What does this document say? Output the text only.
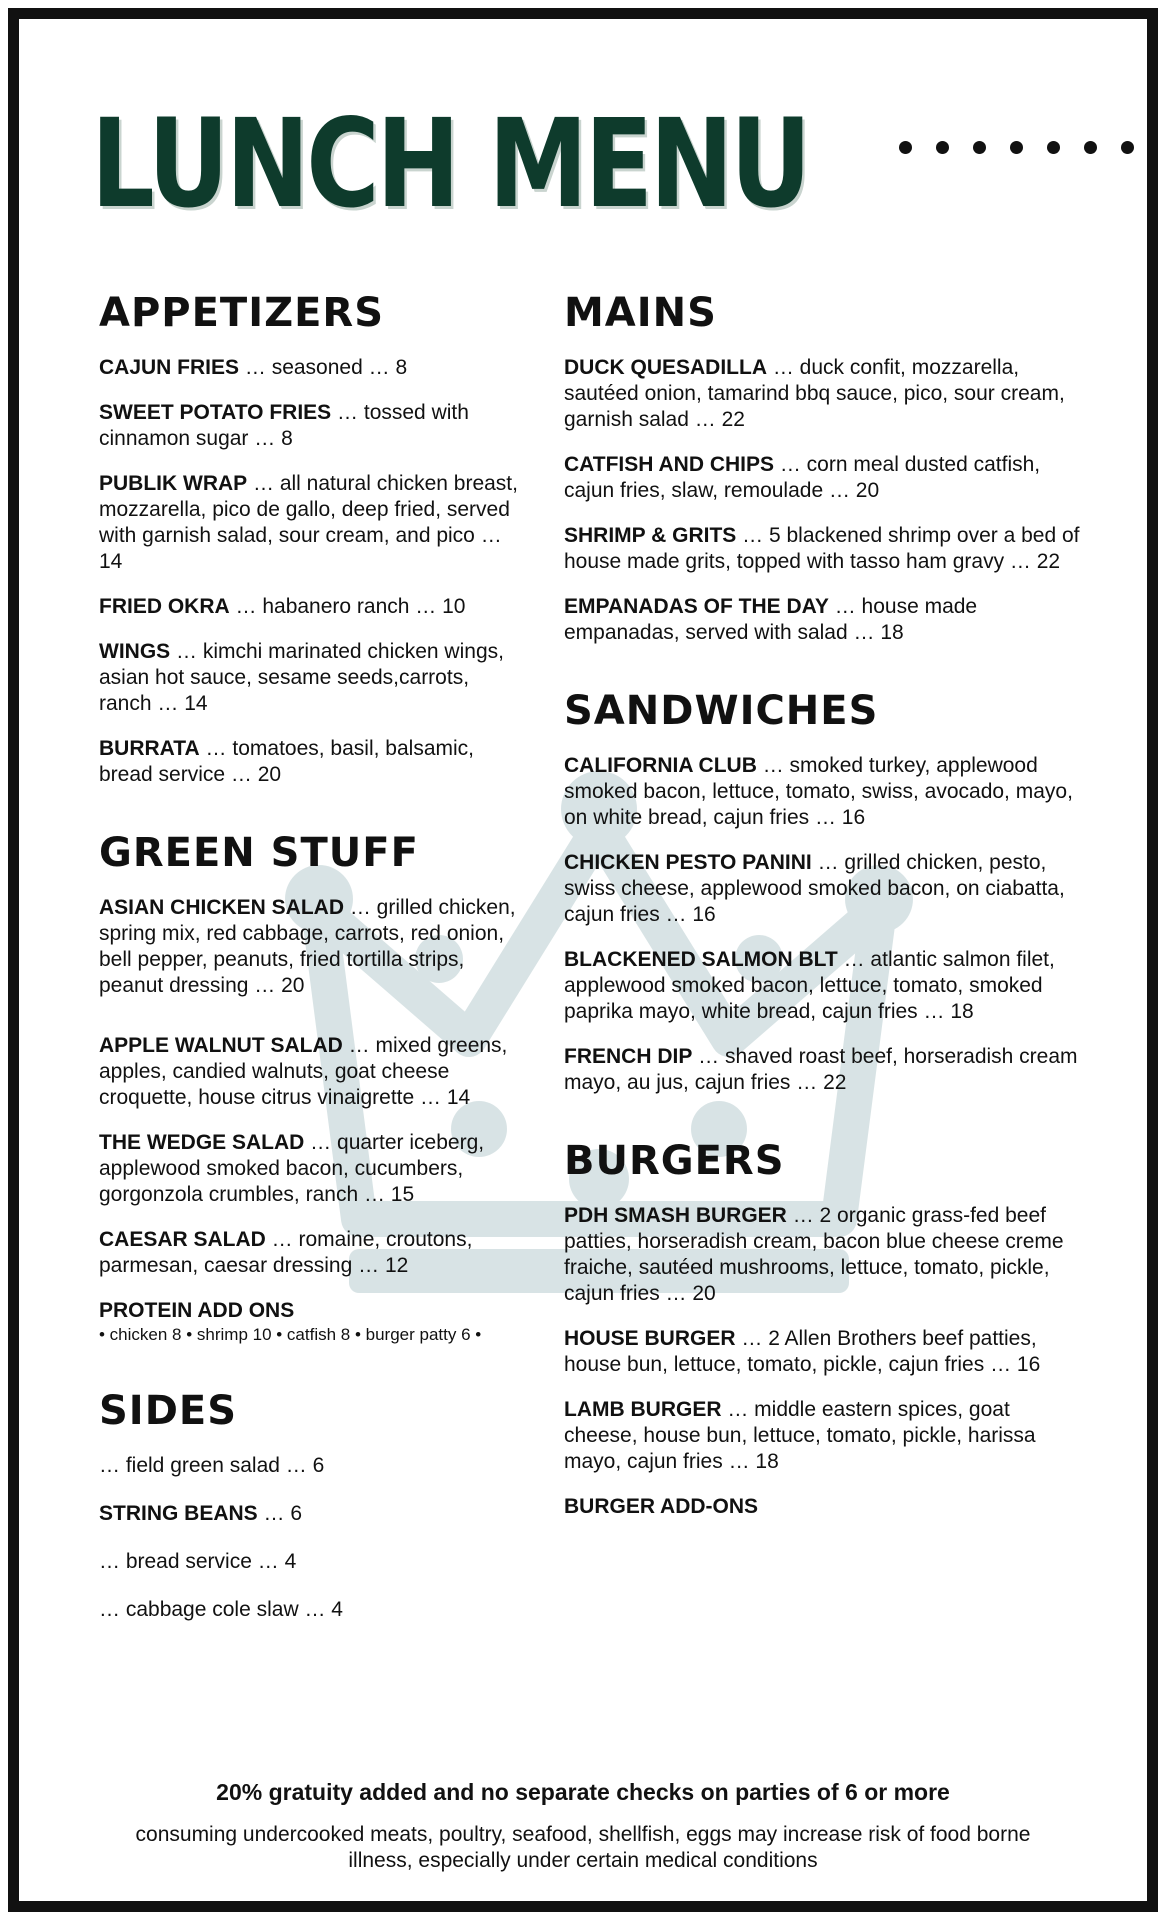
LUNCH MENU
APPETIZERS

CAJUN FRIES … seasoned … 8

SWEET POTATO FRIES … tossed with cinnamon sugar … 8

PUBLIK WRAP … all natural chicken breast, mozzarella, pico de gallo, deep fried, served with garnish salad, sour cream, and pico … 14

FRIED OKRA … habanero ranch … 10

WINGS … kimchi marinated chicken wings, asian hot sauce, sesame seeds,carrots, ranch … 14

BURRATA … tomatoes, basil, balsamic, bread service … 20

GREEN STUFF

ASIAN CHICKEN SALAD … grilled chicken, spring mix, red cabbage, carrots, red onion, bell pepper, peanuts, fried tortilla strips, peanut dressing … 20

APPLE WALNUT SALAD … mixed greens, apples, candied walnuts, goat cheese croquette, house citrus vinaigrette … 14

THE WEDGE SALAD … quarter iceberg, applewood smoked bacon, cucumbers, gorgonzola crumbles, ranch … 15

CAESAR SALAD … romaine, croutons, parmesan, caesar dressing … 12

PROTEIN ADD ONS
• chicken 8 • shrimp 10 • catfish 8 • burger patty 6 •
SIDES

… field green salad … 6

STRING BEANS … 6

… bread service … 4

… cabbage cole slaw … 4

MAINS

DUCK QUESADILLA … duck confit, mozzarella, sautéed onion, tamarind bbq sauce, pico, sour cream, garnish salad … 22

CATFISH AND CHIPS … corn meal dusted catfish, cajun fries, slaw, remoulade … 20

SHRIMP & GRITS … 5 blackened shrimp over a bed of house made grits, topped with tasso ham gravy … 22

EMPANADAS OF THE DAY … house made empanadas, served with salad … 18

SANDWICHES

CALIFORNIA CLUB … smoked turkey, applewood smoked bacon, lettuce, tomato, swiss, avocado, mayo, on white bread, cajun fries … 16

CHICKEN PESTO PANINI … grilled chicken, pesto, swiss cheese, applewood smoked bacon, on ciabatta, cajun fries … 16

BLACKENED SALMON BLT … atlantic salmon filet, applewood smoked bacon, lettuce, tomato, smoked paprika mayo, white bread, cajun fries … 18

FRENCH DIP … shaved roast beef, horseradish cream mayo, au jus, cajun fries … 22

BURGERS

PDH SMASH BURGER … 2 organic grass-fed beef patties, horseradish cream, bacon blue cheese creme fraiche, sautéed mushrooms, lettuce, tomato, pickle, cajun fries … 20

HOUSE BURGER … 2 Allen Brothers beef patties, house bun, lettuce, tomato, pickle, cajun fries … 16

LAMB BURGER … middle eastern spices, goat cheese, house bun, lettuce, tomato, pickle, harissa mayo, cajun fries … 18

BURGER ADD-ONS

20% gratuity added and no separate checks on parties of 6 or more
consuming undercooked meats, poultry, seafood, shellfish, eggs may increase risk of food borne illness, especially under certain medical conditions
